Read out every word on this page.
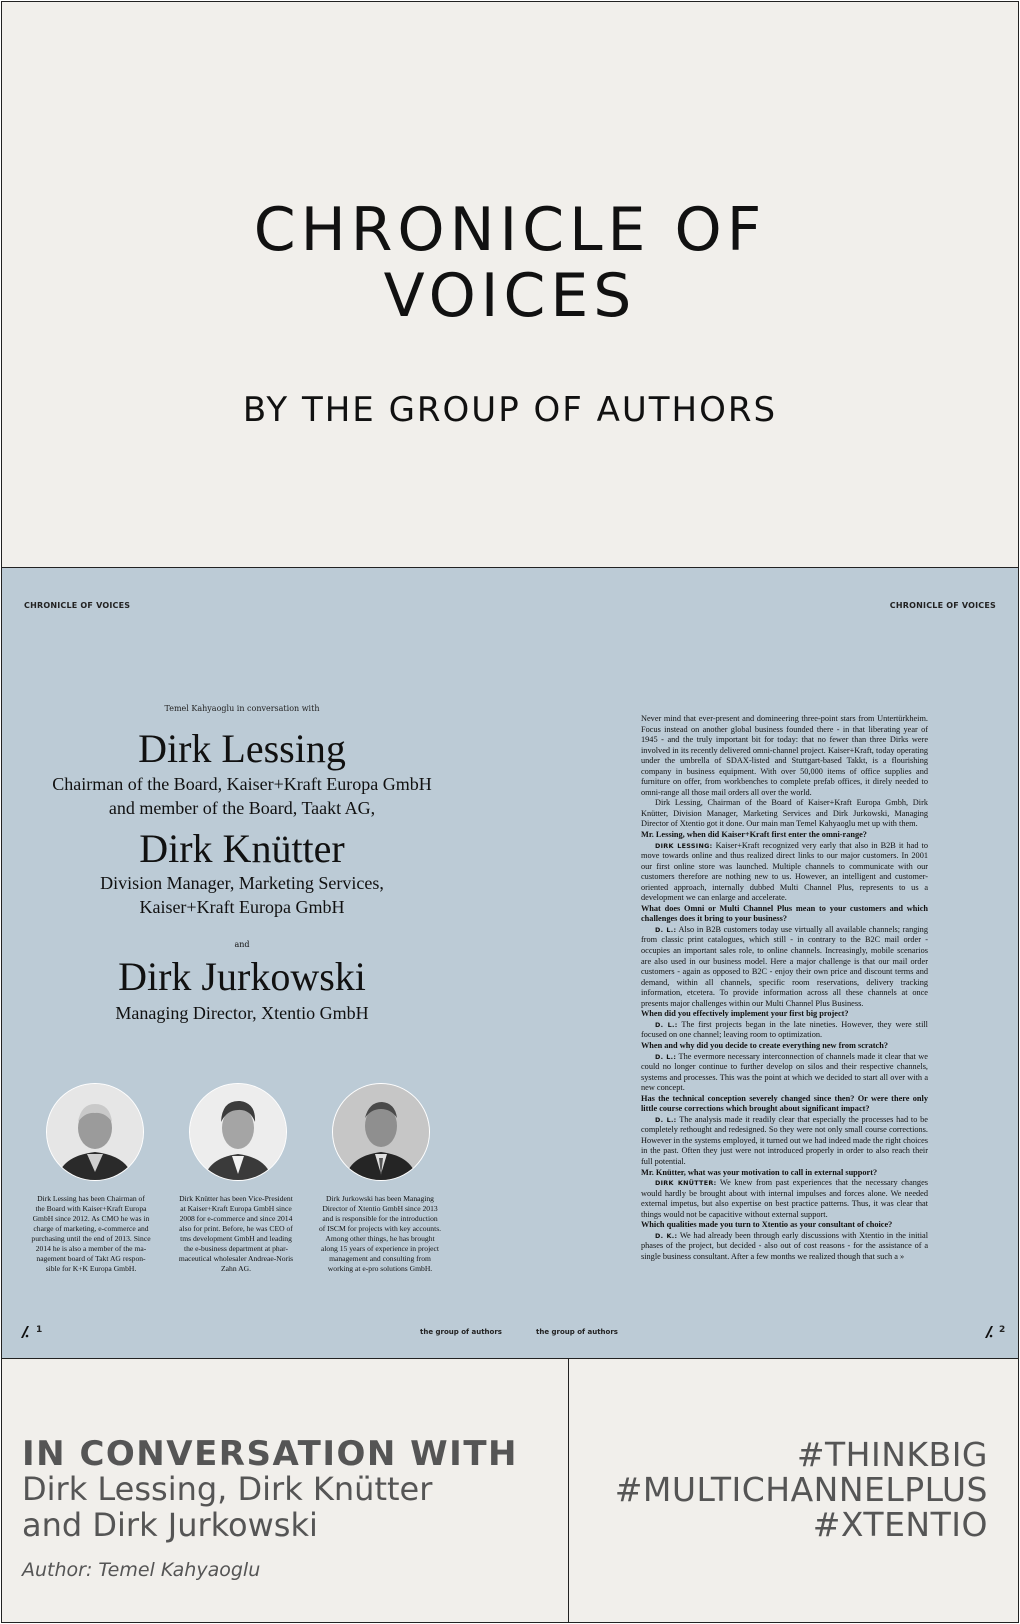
CHRONICLE OF
VOICES
BY THE GROUP OF AUTHORS
CHRONICLE OF VOICES	CHRONICLE OF VOICES
Temel Kahyaoglu in conversation with
Dirk Lessing
Chairman of the Board, Kaiser+Kraft Europa GmbH
and member of the Board, Taakt AG,
Dirk Knütter
Division Manager, Marketing Services,
Kaiser+Kraft Europa GmbH
and
Dirk Jurkowski
Managing Director, Xtentio GmbH
Dirk Lessing has been Chairman of
the Board with Kaiser+Kraft Europa
GmbH since 2012. As CMO he was in
charge of marketing, e-commerce and
purchasing until the end of 2013. Since
2014 he is also a member of the ma-
nagement board of Takt AG respon-
sible for K+K Europa GmbH.
Dirk Knütter has been Vice-President
at Kaiser+Kraft Europa GmbH since
2008 for e-commerce and since 2014
also for print. Before, he was CEO of
tms development GmbH and leading
the e-business department at phar-
maceutical wholesaler Andreae-Noris
Zahn AG.
Dirk Jurkowski has been Managing
Director of Xtentio GmbH since 2013
and is responsible for the introduction
of ISCM for projects with key accounts.
Among other things, he has brought
along 15 years of experience in project
management and consulting from
working at e-pro solutions GmbH.

Never mind that ever-present and domineering three-point stars from Untertürkheim. Focus instead on another global business founded there - in that liberating year of 1945 - and the truly important bit for today: that no fewer than three Dirks were involved in its recently delivered omni-channel project. Kaiser+Kraft, today operating under the umbrella of SDAX-listed and Stuttgart-based Takkt, is a flourishing company in business equipment. With over 50,000 items of office supplies and furniture on offer, from workbenches to complete prefab offices, it direly needed to omni-range all those mail orders all over the world.

Dirk Lessing, Chairman of the Board of Kaiser+Kraft Europa Gmbh, Dirk Knütter, Division Manager, Marketing Services and Dirk Jurkowski, Managing Director of Xtentio got it done. Our main man Temel Kahyaoglu met up with them.

Mr. Lessing, when did Kaiser+Kraft first enter the omni-range?

DIRK LESSING: Kaiser+Kraft recognized very early that also in B2B it had to move towards online and thus realized direct links to our major customers. In 2001 our first online store was launched. Multiple channels to communicate with our customers therefore are nothing new to us. However, an intelligent and customer-oriented approach, internally dubbed Multi Channel Plus, represents to us a development we can enlarge and accelerate.

What does Omni or Multi Channel Plus mean to your customers and which challenges does it bring to your business?

D. L.: Also in B2B customers today use virtually all available channels; ranging from classic print catalogues, which still - in contrary to the B2C mail order - occupies an important sales role, to online channels. Increasingly, mobile scenarios are also used in our business model. Here a major challenge is that our mail order customers - again as opposed to B2C - enjoy their own price and discount terms and demand, within all channels, specific room reservations, delivery tracking information, etcetera. To provide information across all these channels at once presents major challenges within our Multi Channel Plus Business.

When did you effectively implement your first big project?

D. L.: The first projects began in the late nineties. However, they were still focused on one channel; leaving room to optimization.

When and why did you decide to create everything new from scratch?

D. L.: The evermore necessary interconnection of channels made it clear that we could no longer continue to further develop on silos and their respective channels, systems and processes. This was the point at which we decided to start all over with a new concept.

Has the technical conception severely changed since then? Or were there only little course corrections which brought about significant impact?

D. L.: The analysis made it readily clear that especially the processes had to be completely rethought and redesigned. So they were not only small course corrections. However in the systems employed, it turned out we had indeed made the right choices in the past. Often they just were not introduced properly in order to also reach their full potential.

Mr. Knütter, what was your motivation to call in external support?

DIRK KNÜTTER: We knew from past experiences that the necessary changes would hardly be brought about with internal impulses and forces alone. We needed external impetus, but also expertise on best practice patterns. Thus, it was clear that things would not be capacitive without external support.

Which qualities made you turn to Xtentio as your consultant of choice?

D. K.: We had already been through early discussions with Xtentio in the initial phases of the project, but decided - also out of cost reasons - for the assistance of a single business consultant. After a few months we realized though that such a »

1	the group of authors	the group of authors	2
IN CONVERSATION WITH
Dirk Lessing, Dirk Knütter
and Dirk Jurkowski
Author: Temel Kahyaoglu
#THINKBIG
#MULTICHANNELPLUS
#XTENTIO
